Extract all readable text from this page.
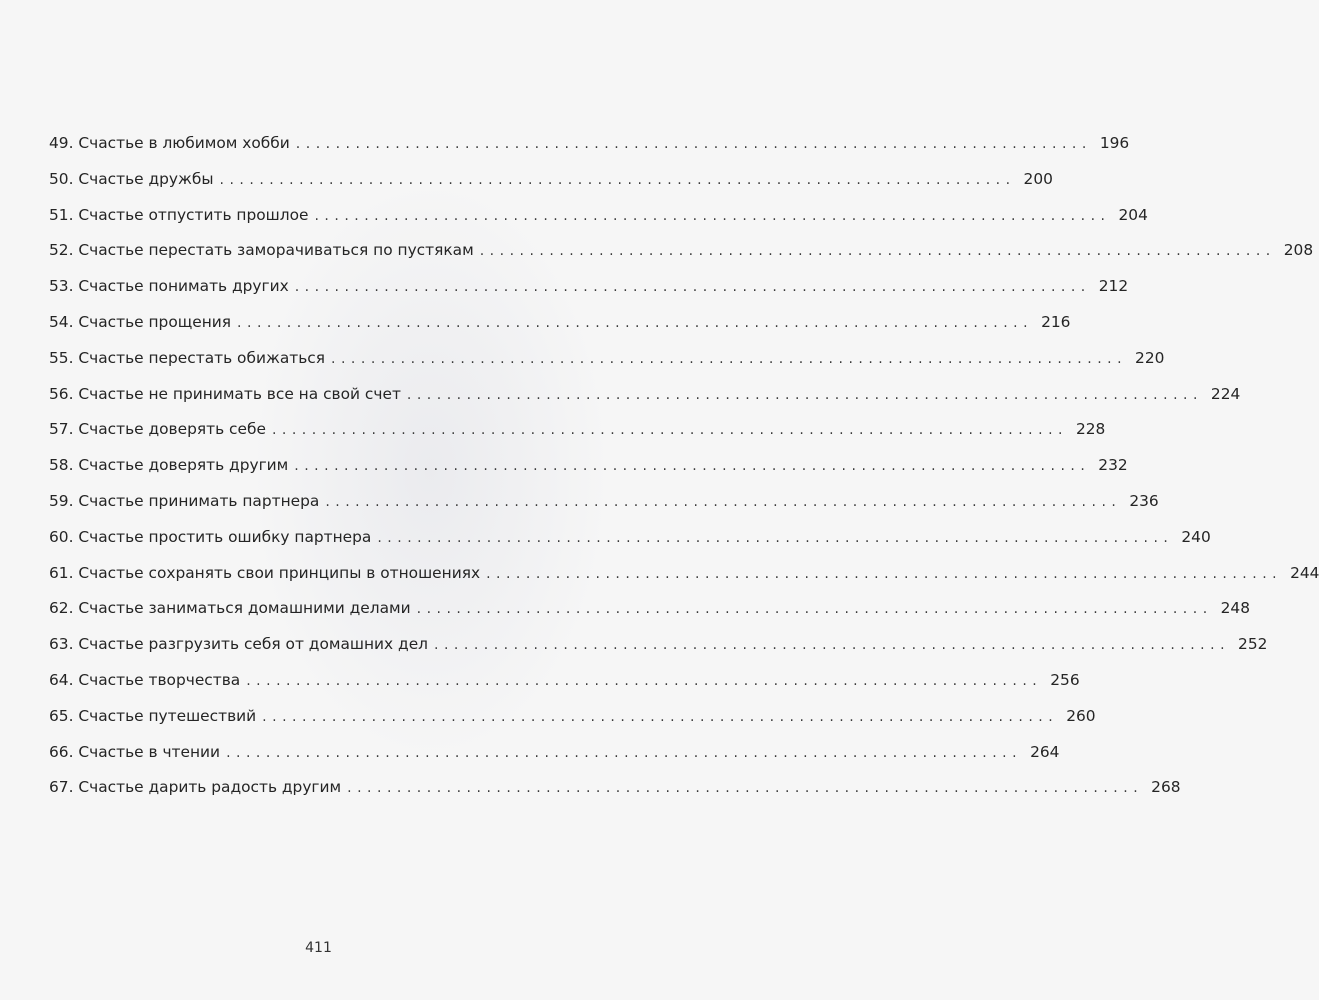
49. Счастье в любимом хобби ................................................................................ 196
50. Счастье дружбы ................................................................................ 200
51. Счастье отпустить прошлое ................................................................................ 204
52. Счастье перестать заморачиваться по пустякам ................................................................................ 208
53. Счастье понимать других ................................................................................ 212
54. Счастье прощения ................................................................................ 216
55. Счастье перестать обижаться ................................................................................ 220
56. Счастье не принимать все на свой счет ................................................................................ 224
57. Счастье доверять себе ................................................................................ 228
58. Счастье доверять другим ................................................................................ 232
59. Счастье принимать партнера ................................................................................ 236
60. Счастье простить ошибку партнера ................................................................................ 240
61. Счастье сохранять свои принципы в отношениях ................................................................................ 244
62. Счастье заниматься домашними делами ................................................................................ 248
63. Счастье разгрузить себя от домашних дел ................................................................................ 252
64. Счастье творчества ................................................................................ 256
65. Счастье путешествий ................................................................................ 260
66. Счастье в чтении ................................................................................ 264
67. Счастье дарить радость другим ................................................................................ 268
411
